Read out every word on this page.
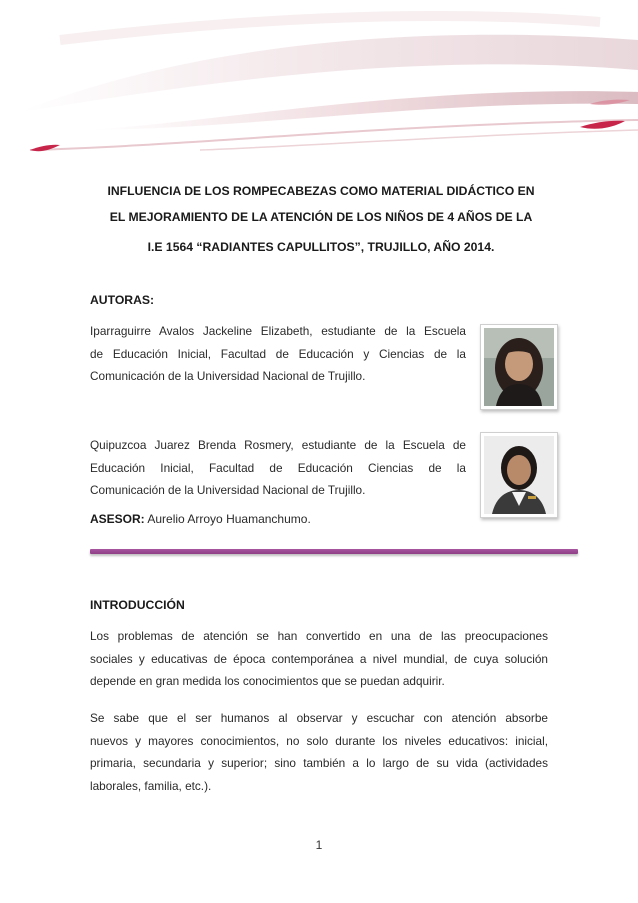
INFLUENCIA DE LOS ROMPECABEZAS COMO MATERIAL DIDÁCTICO EN
EL MEJORAMIENTO DE LA ATENCIÓN DE LOS NIÑOS DE 4 AÑOS DE LA
I.E 1564 “RADIANTES CAPULLITOS”, TRUJILLO, AÑO 2014.
AUTORAS:
Iparraguirre Avalos Jackeline Elizabeth, estudiante de la Escuela
de Educación Inicial, Facultad de Educación y Ciencias de la
Comunicación de la Universidad Nacional de Trujillo.
Quipuzcoa Juarez Brenda Rosmery, estudiante de la Escuela de
Educación Inicial, Facultad de Educación Ciencias de la
Comunicación de la Universidad Nacional de Trujillo.
ASESOR: Aurelio Arroyo Huamanchumo.
INTRODUCCIÓN
Los problemas de atención se han convertido en una de las preocupaciones
sociales y educativas de época contemporánea a nivel mundial, de cuya solución
depende en gran medida los conocimientos que se puedan adquirir.
Se sabe que el ser humanos al observar y escuchar con atención absorbe
nuevos y mayores conocimientos, no solo durante los niveles educativos: inicial,
primaria, secundaria y superior; sino también a lo largo de su vida (actividades
laborales, familia, etc.).
1
